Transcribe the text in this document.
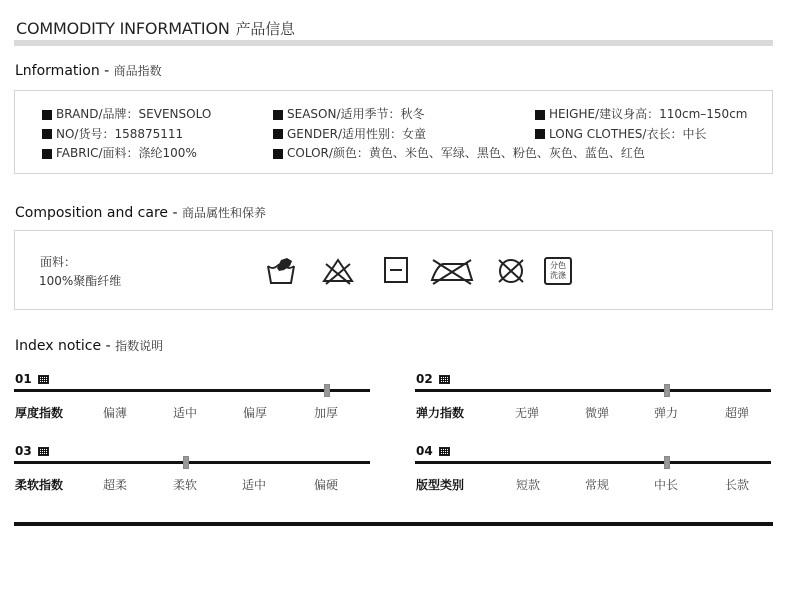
COMMODITY INFORMATION 产品信息
Lnformation - 商品指数
BRAND/品牌：SEVENSOLO
NO/货号：158875111
FABRIC/面料：涤纶100%
SEASON/适用季节：秋冬
GENDER/适用性别：女童
COLOR/颜色：黄色、米色、军绿、黑色、粉色、灰色、蓝色、红色
HEIGHE/建议身高：110cm–150cm
LONG CLOTHES/衣长：中长
Composition and care - 商品属性和保养
面料：
100%聚酯纤维
分色
洗涤
Index notice - 指数说明
01
厚度指数	偏薄	适中	偏厚	加厚
02
弹力指数	无弹	微弹	弹力	超弹
03
柔软指数	超柔	柔软	适中	偏硬
04
版型类别	短款	常规	中长	长款
